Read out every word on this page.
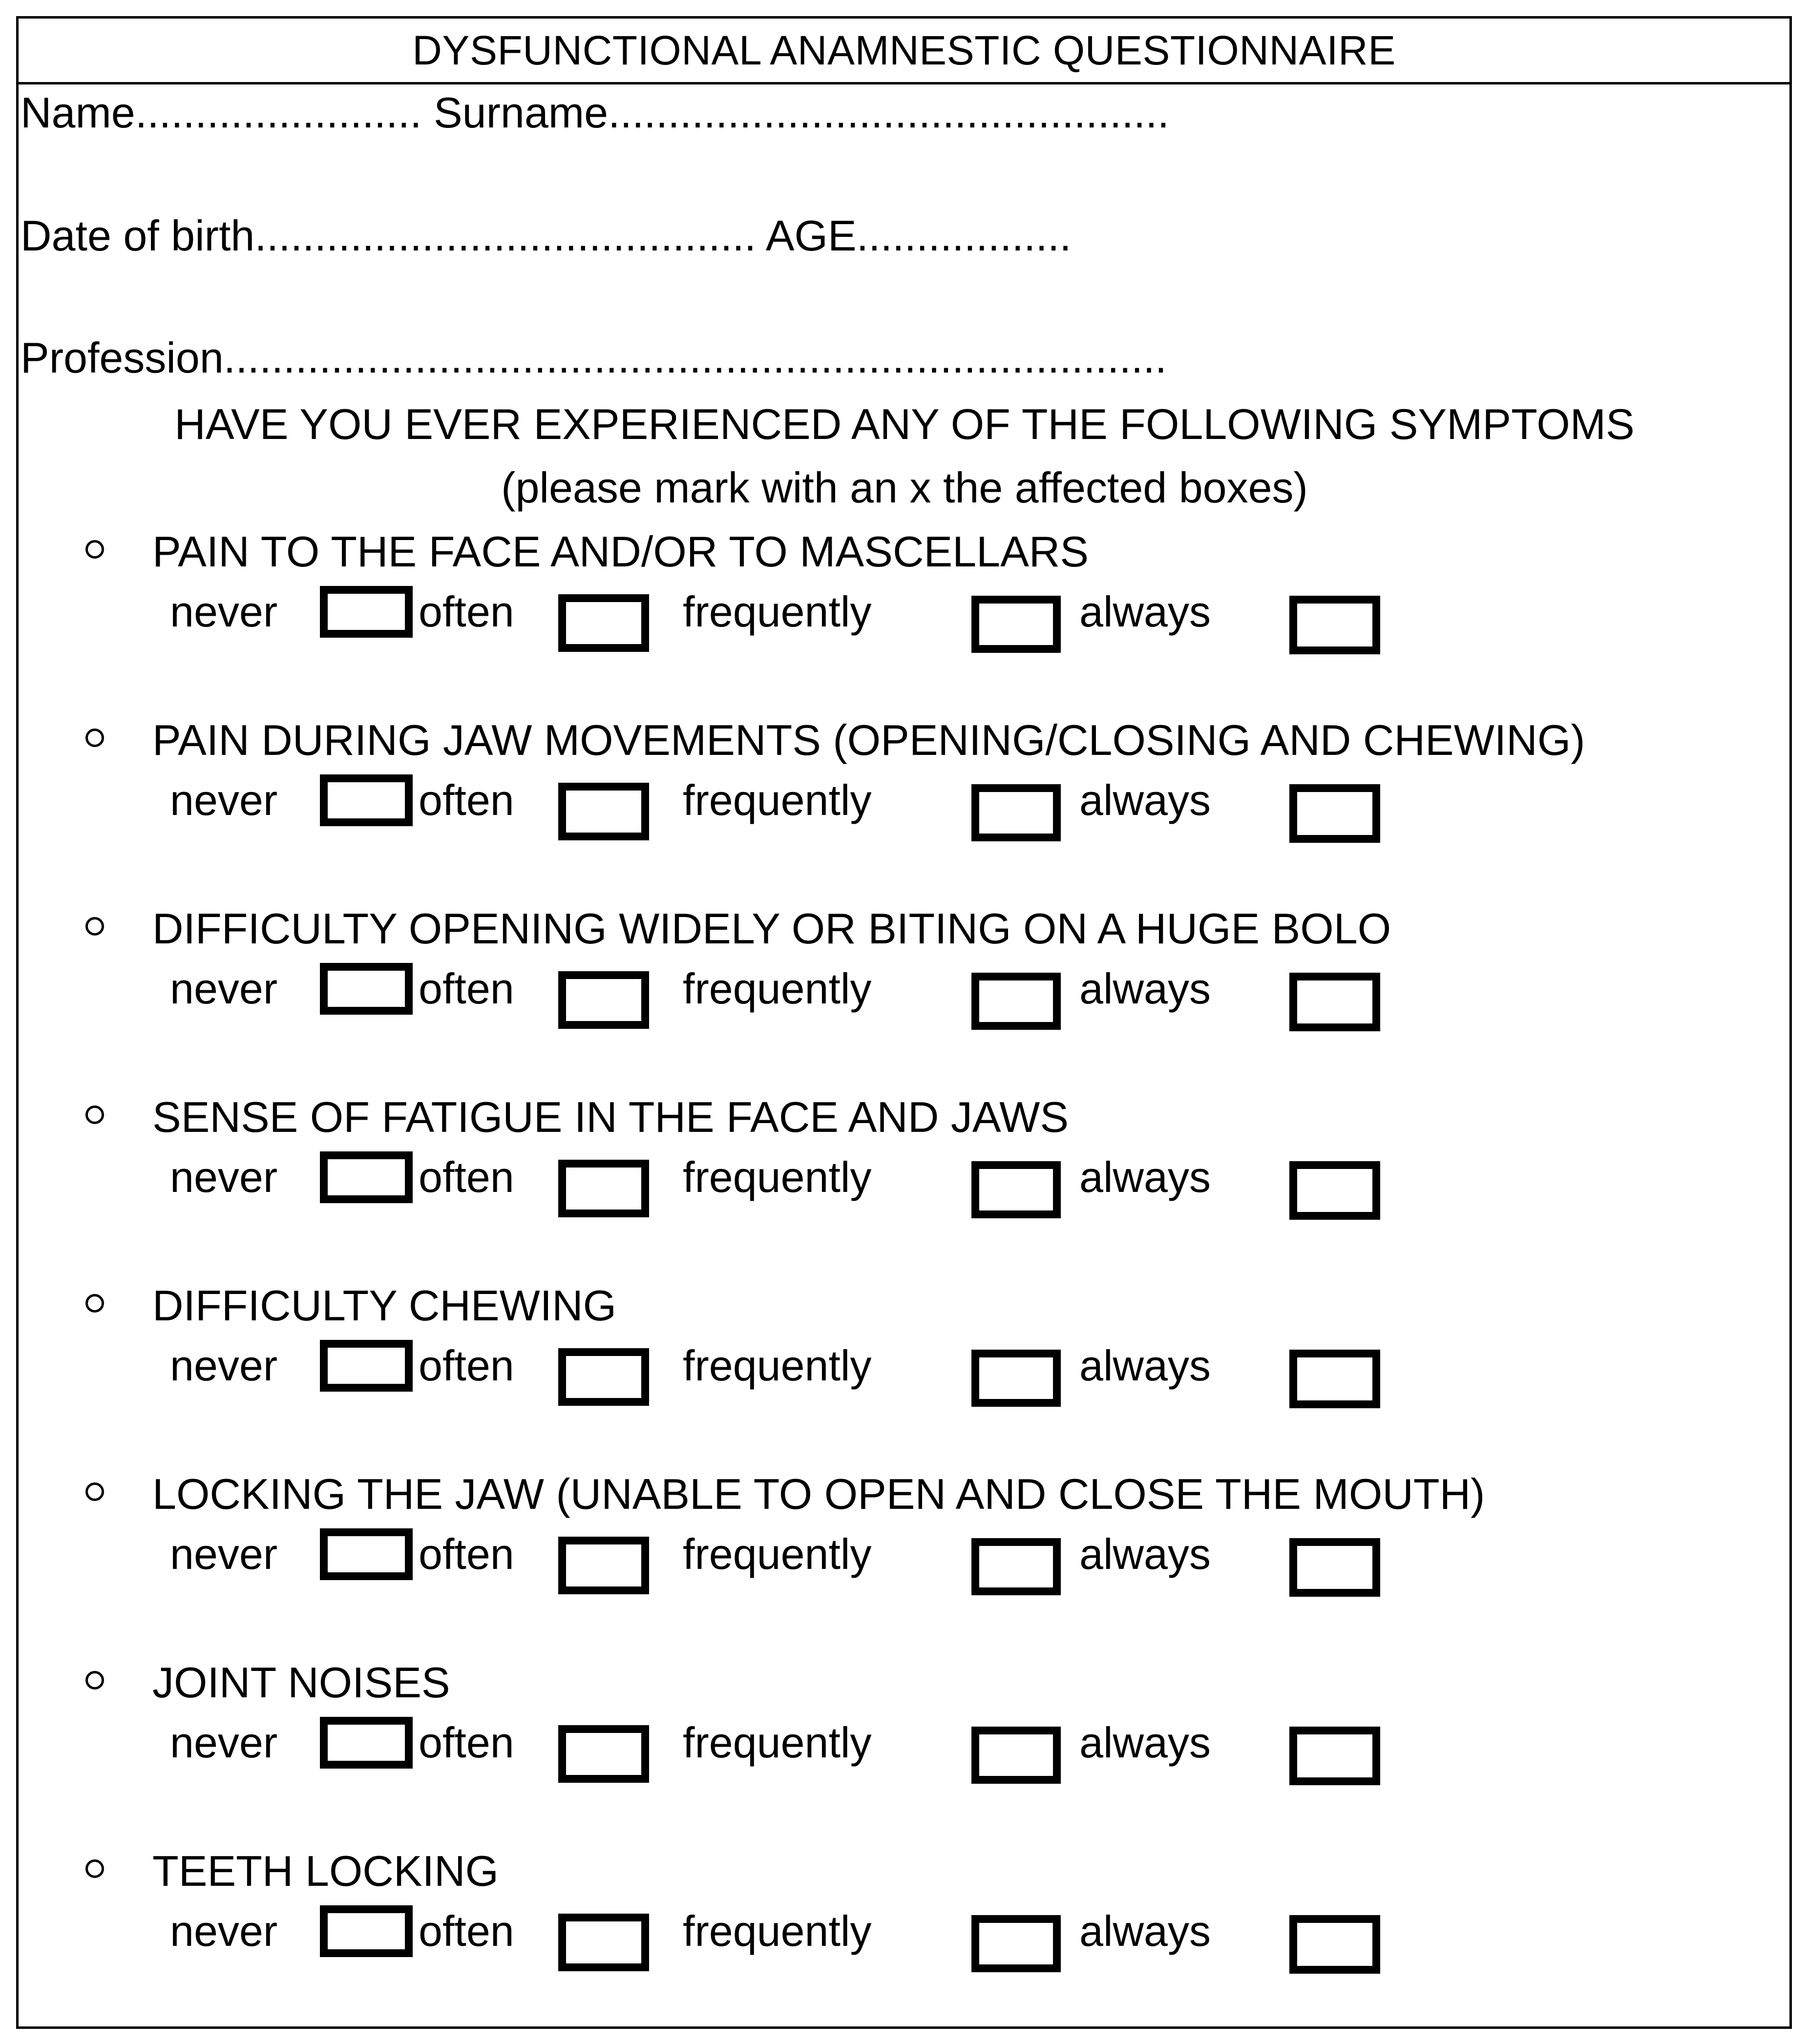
DYSFUNCTIONAL ANAMNESTIC QUESTIONNAIRE
Name........................ Surname...............................................
Date of birth.......................................... AGE..................
Profession...............................................................................
HAVE YOU EVER EXPERIENCED ANY OF THE FOLLOWING SYMPTOMS
(please mark with an x the affected boxes)
PAIN TO THE FACE AND/OR TO MASCELLARS
never	often	frequently	always
PAIN DURING JAW MOVEMENTS (OPENING/CLOSING AND CHEWING)
never	often	frequently	always
DIFFICULTY OPENING WIDELY OR BITING ON A HUGE BOLO
never	often	frequently	always
SENSE OF FATIGUE IN THE FACE AND JAWS
never	often	frequently	always
DIFFICULTY CHEWING
never	often	frequently	always
LOCKING THE JAW (UNABLE TO OPEN AND CLOSE THE MOUTH)
never	often	frequently	always
JOINT NOISES
never	often	frequently	always
TEETH LOCKING
never	often	frequently	always
